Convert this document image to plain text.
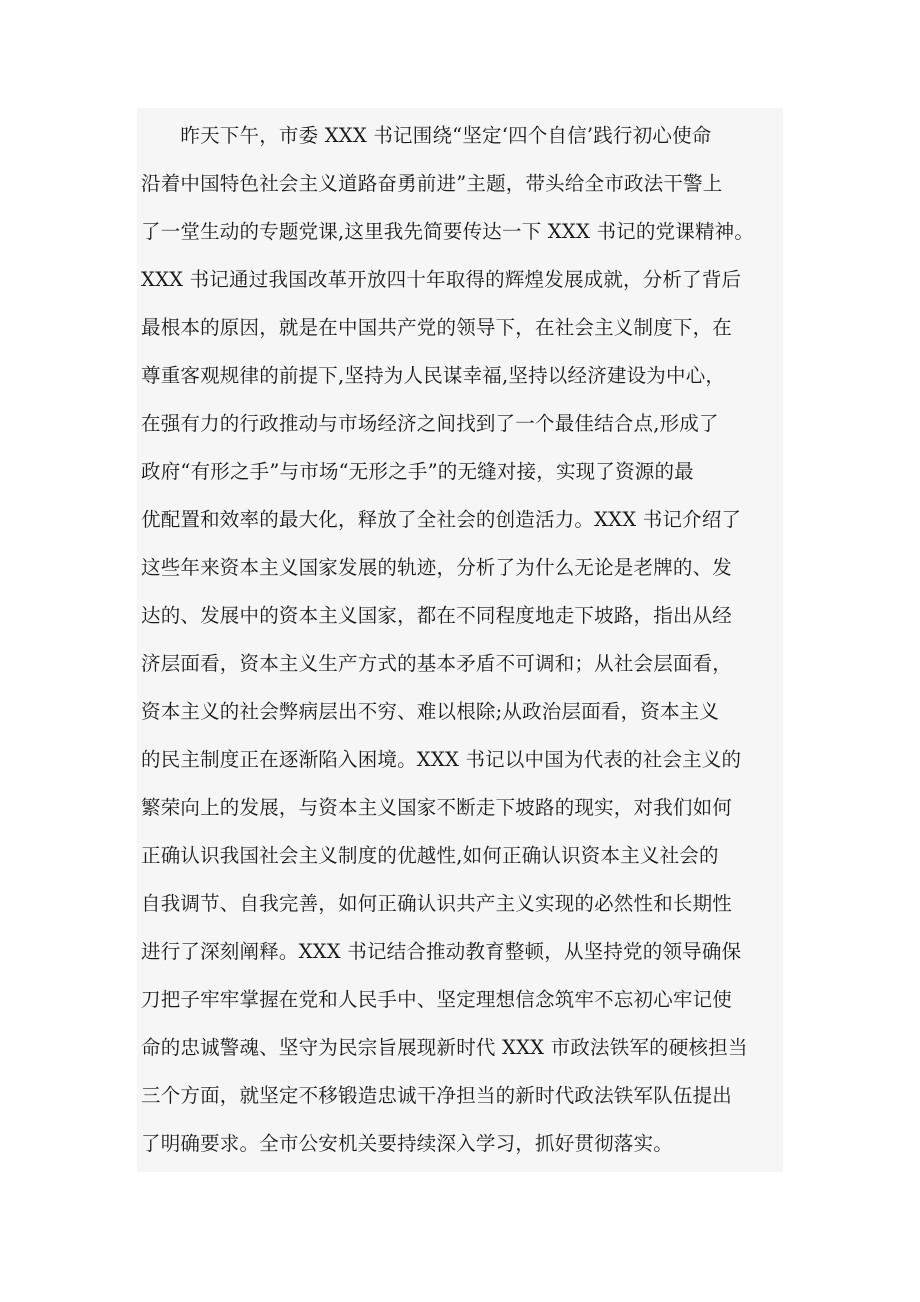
　　昨天下午，市委 XXX 书记围绕“坚定‘四个自信’践行初心使命
沿着中国特色社会主义道路奋勇前进”主题，带头给全市政法干警上
了一堂生动的专题党课,这里我先简要传达一下 XXX 书记的党课精神。
XXX 书记通过我国改革开放四十年取得的辉煌发展成就，分析了背后
最根本的原因，就是在中国共产党的领导下，在社会主义制度下，在
尊重客观规律的前提下,坚持为人民谋幸福,坚持以经济建设为中心，
在强有力的行政推动与市场经济之间找到了一个最佳结合点,形成了
政府“有形之手”与市场“无形之手”的无缝对接，实现了资源的最
优配置和效率的最大化，释放了全社会的创造活力。XXX 书记介绍了
这些年来资本主义国家发展的轨迹，分析了为什么无论是老牌的、发
达的、发展中的资本主义国家，都在不同程度地走下坡路，指出从经
济层面看，资本主义生产方式的基本矛盾不可调和；从社会层面看，
资本主义的社会弊病层出不穷、难以根除;从政治层面看，资本主义
的民主制度正在逐渐陷入困境。XXX 书记以中国为代表的社会主义的
繁荣向上的发展，与资本主义国家不断走下坡路的现实，对我们如何
正确认识我国社会主义制度的优越性,如何正确认识资本主义社会的
自我调节、自我完善，如何正确认识共产主义实现的必然性和长期性
进行了深刻阐释。XXX 书记结合推动教育整顿，从坚持党的领导确保
刀把子牢牢掌握在党和人民手中、坚定理想信念筑牢不忘初心牢记使
命的忠诚警魂、坚守为民宗旨展现新时代 XXX 市政法铁军的硬核担当
三个方面，就坚定不移锻造忠诚干净担当的新时代政法铁军队伍提出
了明确要求。全市公安机关要持续深入学习，抓好贯彻落实。
